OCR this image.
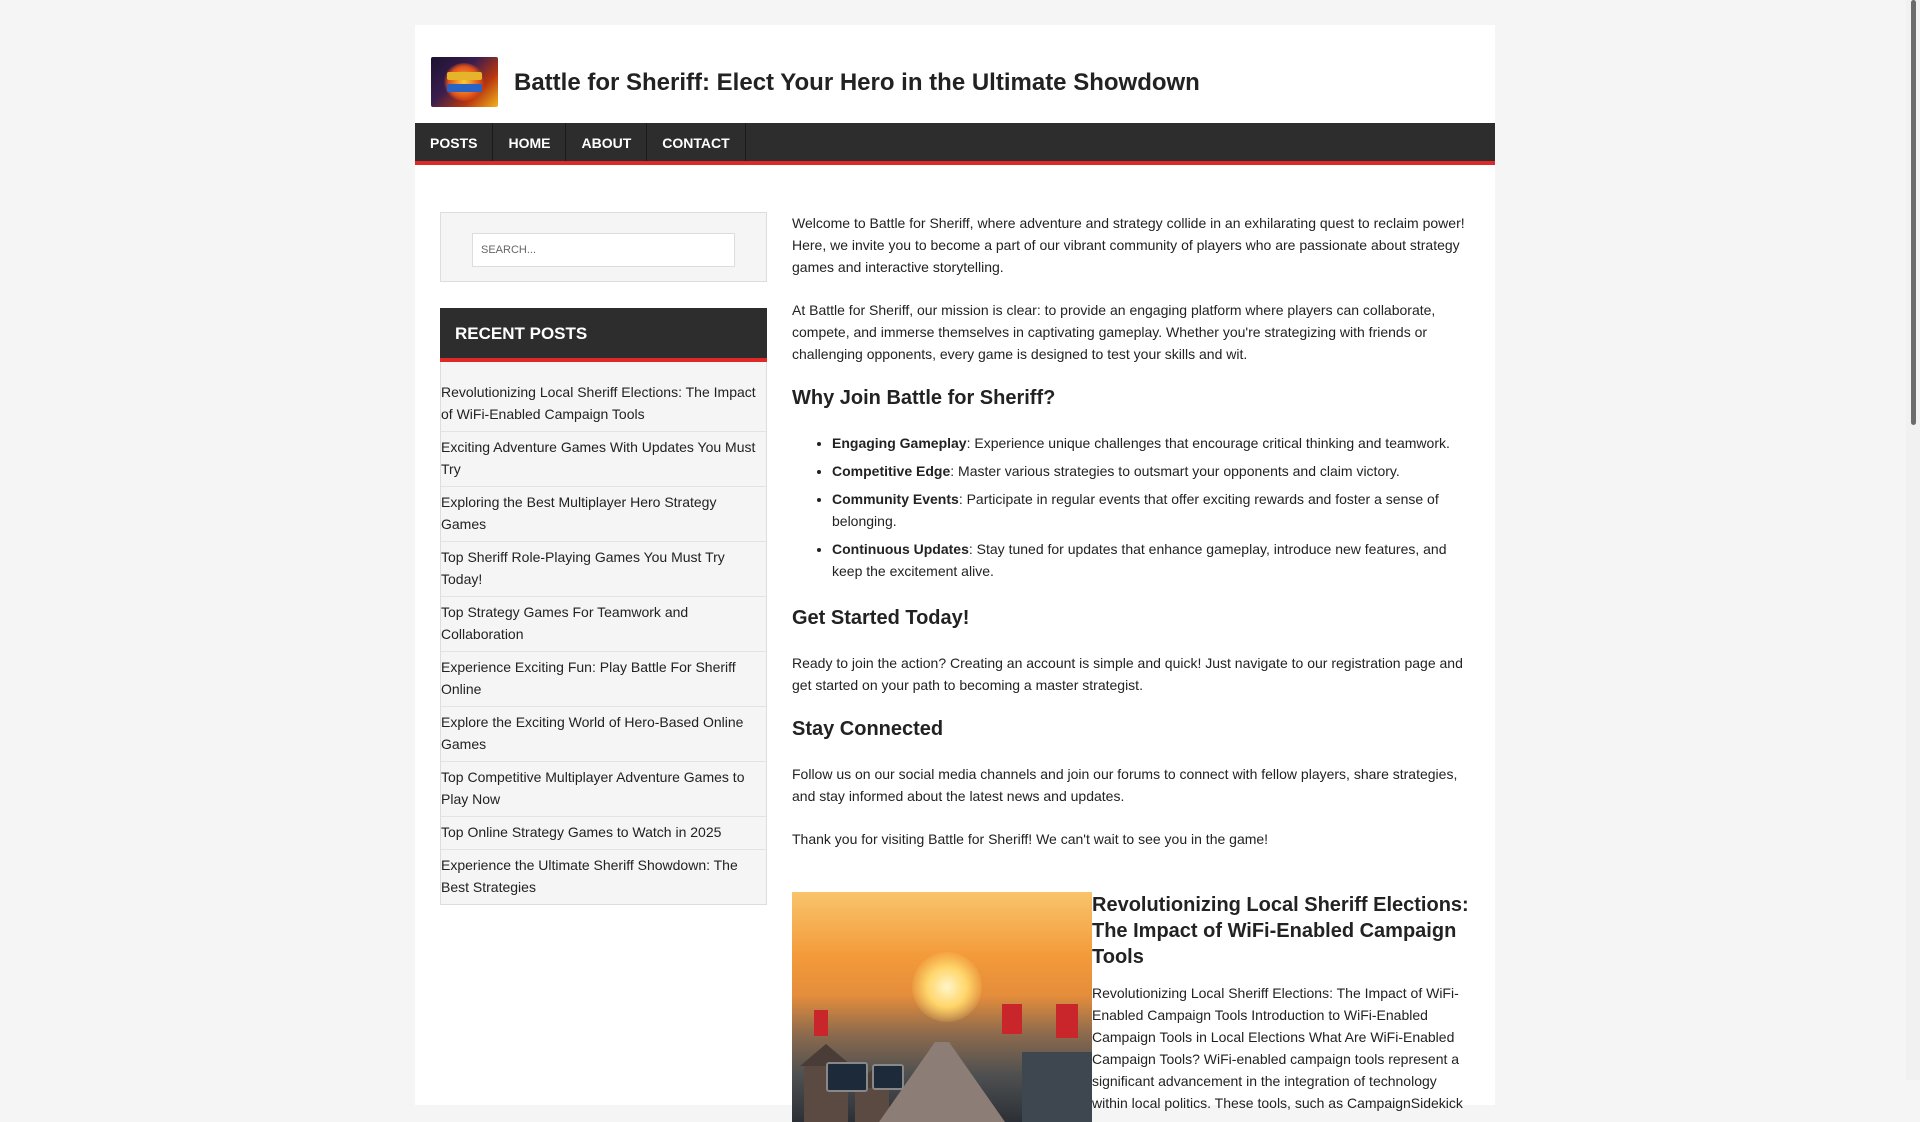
Battle for Sheriff: Elect Your Hero in the Ultimate Showdown
POSTS	HOME	ABOUT	CONTACT
SEARCH...
RECENT POSTS
Revolutionizing Local Sheriff Elections: The Impact of WiFi-Enabled Campaign Tools
Exciting Adventure Games With Updates You Must Try
Exploring the Best Multiplayer Hero Strategy Games
Top Sheriff Role-Playing Games You Must Try Today!
Top Strategy Games For Teamwork and Collaboration
Experience Exciting Fun: Play Battle For Sheriff Online
Explore the Exciting World of Hero-Based Online Games
Top Competitive Multiplayer Adventure Games to Play Now
Top Online Strategy Games to Watch in 2025
Experience the Ultimate Sheriff Showdown: The Best Strategies

Welcome to Battle for Sheriff, where adventure and strategy collide in an exhilarating quest to reclaim power! Here, we invite you to become a part of our vibrant community of players who are passionate about strategy games and interactive storytelling.

At Battle for Sheriff, our mission is clear: to provide an engaging platform where players can collaborate, compete, and immerse themselves in captivating gameplay. Whether you're strategizing with friends or challenging opponents, every game is designed to test your skills and wit.

Why Join Battle for Sheriff?
• Engaging Gameplay: Experience unique challenges that encourage critical thinking and teamwork.
• Competitive Edge: Master various strategies to outsmart your opponents and claim victory.
• Community Events: Participate in regular events that offer exciting rewards and foster a sense of belonging.
• Continuous Updates: Stay tuned for updates that enhance gameplay, introduce new features, and keep the excitement alive.
Get Started Today!

Ready to join the action? Creating an account is simple and quick! Just navigate to our registration page and get started on your path to becoming a master strategist.

Stay Connected

Follow us on our social media channels and join our forums to connect with fellow players, share strategies, and stay informed about the latest news and updates.

Thank you for visiting Battle for Sheriff! We can't wait to see you in the game!

Revolutionizing Local Sheriff Elections: The Impact of WiFi-Enabled Campaign Tools
Revolutionizing Local Sheriff Elections: The Impact of WiFi-Enabled Campaign Tools Introduction to WiFi-Enabled Campaign Tools in Local Elections What Are WiFi-Enabled Campaign Tools? WiFi-enabled campaign tools represent a significant advancement in the integration of technology within local politics. These tools, such as CampaignSidekick
